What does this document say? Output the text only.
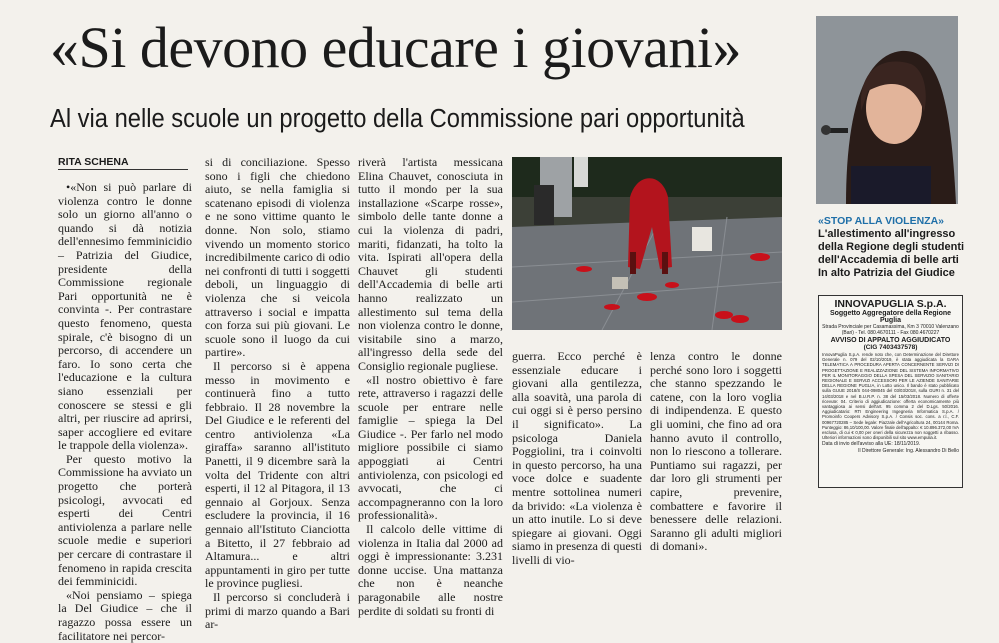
«Si devono educare i giovani»
Al via nelle scuole un progetto della Commissione pari opportunità
RITA SCHENA

•«Non si può parlare di violenza contro le donne solo un giorno all'anno o quando si dà notizia dell'ennesimo femminicidio – Patrizia del Giudice, presidente della Commissione regionale Pari opportunità ne è convinta -. Per contrastare questo fenomeno, questa spirale, c'è bisogno di un percorso, di accendere un faro. Io sono certa che l'educazione e la cultura siano essenziali per conoscere se stessi e gli altri, per riuscire ad aprirsi, saper accogliere ed evitare le trappole della violenza».

Per questo motivo la Commissione ha avviato un progetto che porterà psicologi, avvocati ed esperti dei Centri antiviolenza a parlare nelle scuole medie e superiori per cercare di contrastare il fenomeno in rapida crescita dei femminicidi.

«Noi pensiamo – spiega la Del Giudice – che il ragazzo possa essere un facilitatore nei percor-

si di conciliazione. Spesso sono i figli che chiedono aiuto, se nella famiglia si scatenano episodi di violenza e ne sono vittime quanto le donne. Non solo, stiamo vivendo un momento storico incredibilmente carico di odio nei confronti di tutti i soggetti deboli, un linguaggio di violenza che si veicola attraverso i social e impatta con forza sui più giovani. Le scuole sono il luogo da cui partire».

Il percorso si è appena messo in movimento e continuerà fino a tutto febbraio. Il 28 novembre la Del Giudice e le referenti del centro antiviolenza «La giraffa» saranno all'istituto Panetti, il 9 dicembre sarà la volta del Tridente con altri esperti, il 12 al Pitagora, il 13 gennaio al Gorjoux. Senza escludere la provincia, il 16 gennaio all'Istituto Cianciotta a Bitetto, il 27 febbraio ad Altamura... e altri appuntamenti in giro per tutte le province pugliesi.

Il percorso si concluderà i primi di marzo quando a Bari ar-

riverà l'artista messicana Elina Chauvet, conosciuta in tutto il mondo per la sua installazione «Scarpe rosse», simbolo delle tante donne a cui la violenza di padri, mariti, fidanzati, ha tolto la vita. Ispirati all'opera della Chauvet gli studenti dell'Accademia di belle arti hanno realizzato un allestimento sul tema della non violenza contro le donne, visitabile sino a marzo, all'ingresso della sede del Consiglio regionale pugliese.

«Il nostro obiettivo è fare rete, attraverso i ragazzi delle scuole per entrare nelle famiglie – spiega la Del Giudice -. Per farlo nel modo migliore possibile ci siamo appoggiati ai Centri antiviolenza, con psicologi ed avvocati, che ci accompagneranno con la loro professionalità».

Il calcolo delle vittime di violenza in Italia dal 2000 ad oggi è impressionante: 3.231 donne uccise. Una mattanza che non è neanche paragonabile alle nostre perdite di soldati su fronti di

guerra. Ecco perché è essenziale educare i giovani alla gentilezza, alla soavità, una parola di cui oggi si è perso persino il significato». La psicologa Daniela Poggiolini, tra i coinvolti in questo percorso, ha una voce dolce e suadente mentre sottolinea numeri da brivido: «La violenza è un atto inutile. Lo si deve spiegare ai giovani. Oggi siamo in presenza di questi livelli di vio-

lenza contro le donne perché sono loro i soggetti che stanno spezzando le catene, con la loro voglia di indipendenza. E questo gli uomini, che fino ad ora hanno avuto il controllo, non lo riescono a tollerare. Puntiamo sui ragazzi, per dar loro gli strumenti per capire, prevenire, combattere e favorire il benessere delle relazioni. Saranno gli adulti migliori di domani».

«STOP ALLA VIOLENZA»
L'allestimento all'ingresso della Regione degli studenti dell'Accademia di belle arti In alto Patrizia del Giudice
INNOVAPUGLIA S.p.A.
Soggetto Aggregatore della Regione Puglia
Strada Provinciale per Casamassima, Km 3 70010 Valenzano (Bari) - Tel. 080.4670111 - Fax 080.4670227
AVVISO DI APPALTO AGGIUDICATO
(CIG 7403437578)
InnovaPuglia S.p.A. rende noto che, con Determinazione del Direttore Generale n. 079 del 02/10/2019, è stata aggiudicata la GARA TELEMATICA A PROCEDURA APERTA CONCERNENTE SERVIZI DI PROGETTAZIONE E REALIZZAZIONE DEL SISTEMA INFORMATIVO PER IL MONITORAGGIO DELLA SPESA DEL SERVIZIO SANITARIO REGIONALE E SERVIZI ACCESSORI PER LE AZIENDE SANITARIE DELLA REGIONE PUGLIA, in Lotto unico. Il bando è stato pubblicato sulla GUUE 2018/S 044-098045 del 03/03/2018, sulla GURI n. 31 del 14/03/2018 e nel B.U.R.P. n. 38 del 15/03/2018. Numero di offerte ricevute: 04. Criterio di aggiudicazione: offerta economicamente più vantaggiosa ai sensi dell'art. 95 comma 2 del D.Lgs. 50/2016. Aggiudicatario: RTI Engineering Ingegneria Informatica S.p.A. / Promoinfo Coopers Advisory S.p.A. / Consis soc. cons. a r.l., C.F. 00967720285 – Sede legale: Piazzale dell'Agricoltura 24, 00144 Roma. Punteggio: 86,10/100,00. Valore finale dell'appalto: € 10.896.372,00 IVA esclusa, di cui € 0,00 per oneri della sicurezza non soggetti a ribasso. Ulteriori informazioni sono disponibili sul sito www.empulia.it.
Data di invio dell'avviso alla UE: 18/11/2019.
Il Direttore Generale: Ing. Alessandro Di Bello
